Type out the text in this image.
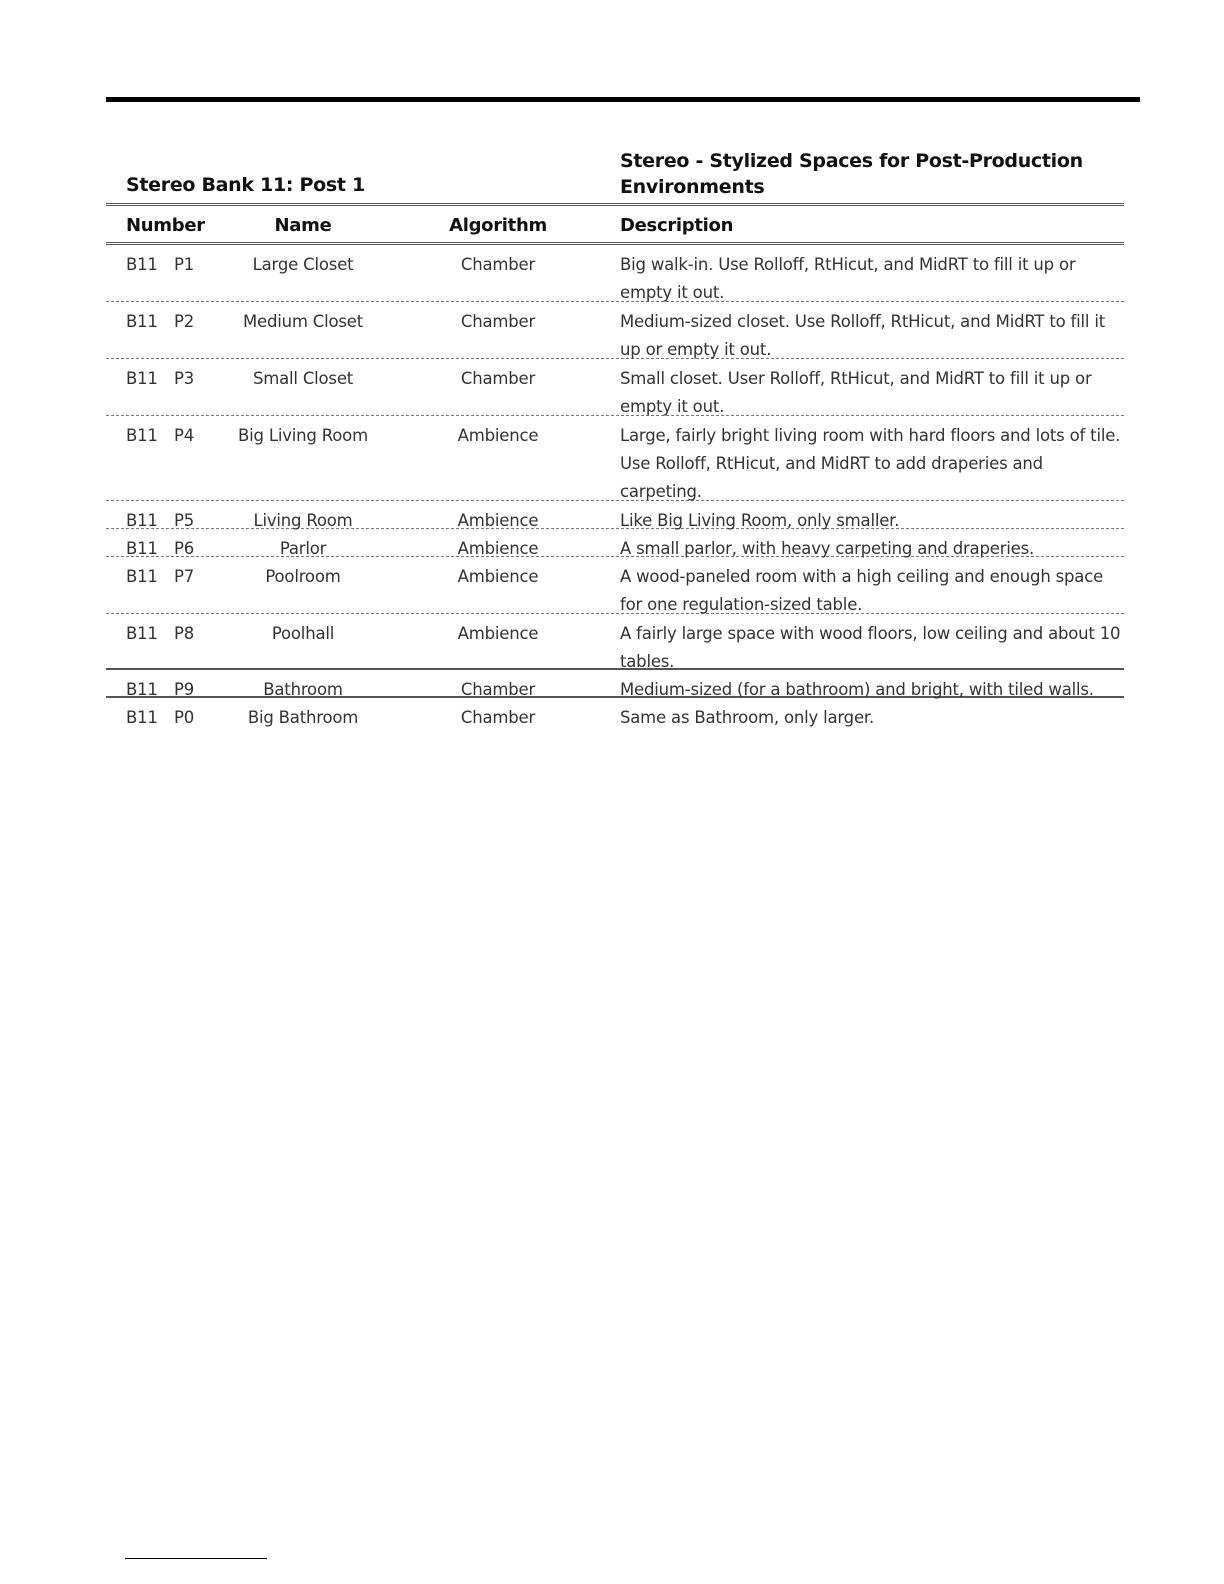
Stereo Bank 11: Post 1
Stereo - Stylized Spaces for Post-Production Environments
Number	Name	Algorithm	Description
B11 P1	Large Closet	Chamber	Big walk-in. Use Rolloff, RtHicut, and MidRT to fill it up or empty it out.
B11 P2	Medium Closet	Chamber	Medium-sized closet. Use Rolloff, RtHicut, and MidRT to fill it up or empty it out.
B11 P3	Small Closet	Chamber	Small closet. User Rolloff, RtHicut, and MidRT to fill it up or empty it out.
B11 P4	Big Living Room	Ambience	Large, fairly bright living room with hard floors and lots of tile. Use Rolloff, RtHicut, and MidRT to add draperies and carpeting.
B11 P5	Living Room	Ambience	Like Big Living Room, only smaller.
B11 P6	Parlor	Ambience	A small parlor, with heavy carpeting and draperies.
B11 P7	Poolroom	Ambience	A wood-paneled room with a high ceiling and enough space for one regulation-sized table.
B11 P8	Poolhall	Ambience	A fairly large space with wood floors, low ceiling and about 10 tables.
B11 P9	Bathroom	Chamber	Medium-sized (for a bathroom) and bright, with tiled walls.
B11 P0	Big Bathroom	Chamber	Same as Bathroom, only larger.
